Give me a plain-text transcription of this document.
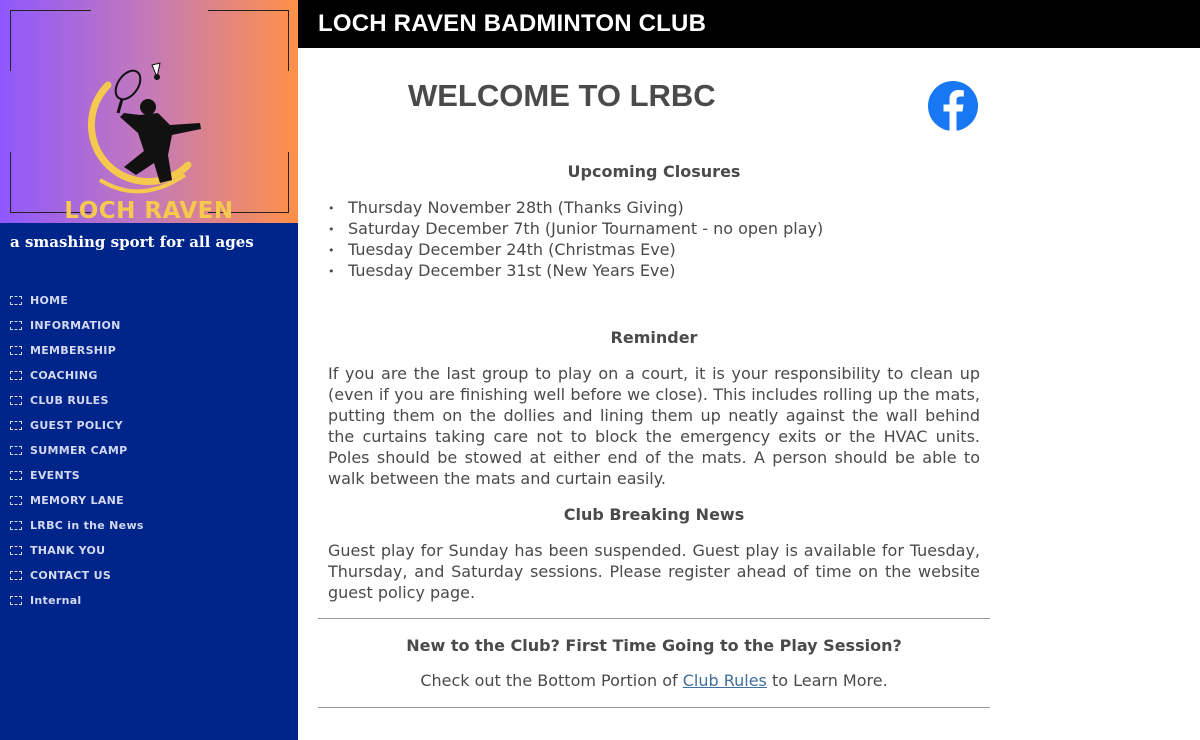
LOCH RAVEN
a smashing sport for all ages
HOME
INFORMATION
MEMBERSHIP
COACHING
CLUB RULES
GUEST POLICY
SUMMER CAMP
EVENTS
MEMORY LANE
LRBC in the News
THANK YOU
CONTACT US
Internal
LOCH RAVEN BADMINTON CLUB
WELCOME TO LRBC
Upcoming Closures
• Thursday November 28th (Thanks Giving)
• Saturday December 7th (Junior Tournament - no open play)
• Tuesday December 24th (Christmas Eve)
• Tuesday December 31st (New Years Eve)
Reminder
If you are the last group to play on a court, it is your responsibility to clean up (even if you are finishing well before we close). This includes rolling up the mats, putting them on the dollies and lining them up neatly against the wall behind the curtains taking care not to block the emergency exits or the HVAC units. Poles should be stowed at either end of the mats. A person should be able to walk between the mats and curtain easily.
Club Breaking News
Guest play for Sunday has been suspended. Guest play is available for Tuesday, Thursday, and Saturday sessions. Please register ahead of time on the website guest policy page.
New to the Club? First Time Going to the Play Session?
Check out the Bottom Portion of Club Rules to Learn More.
